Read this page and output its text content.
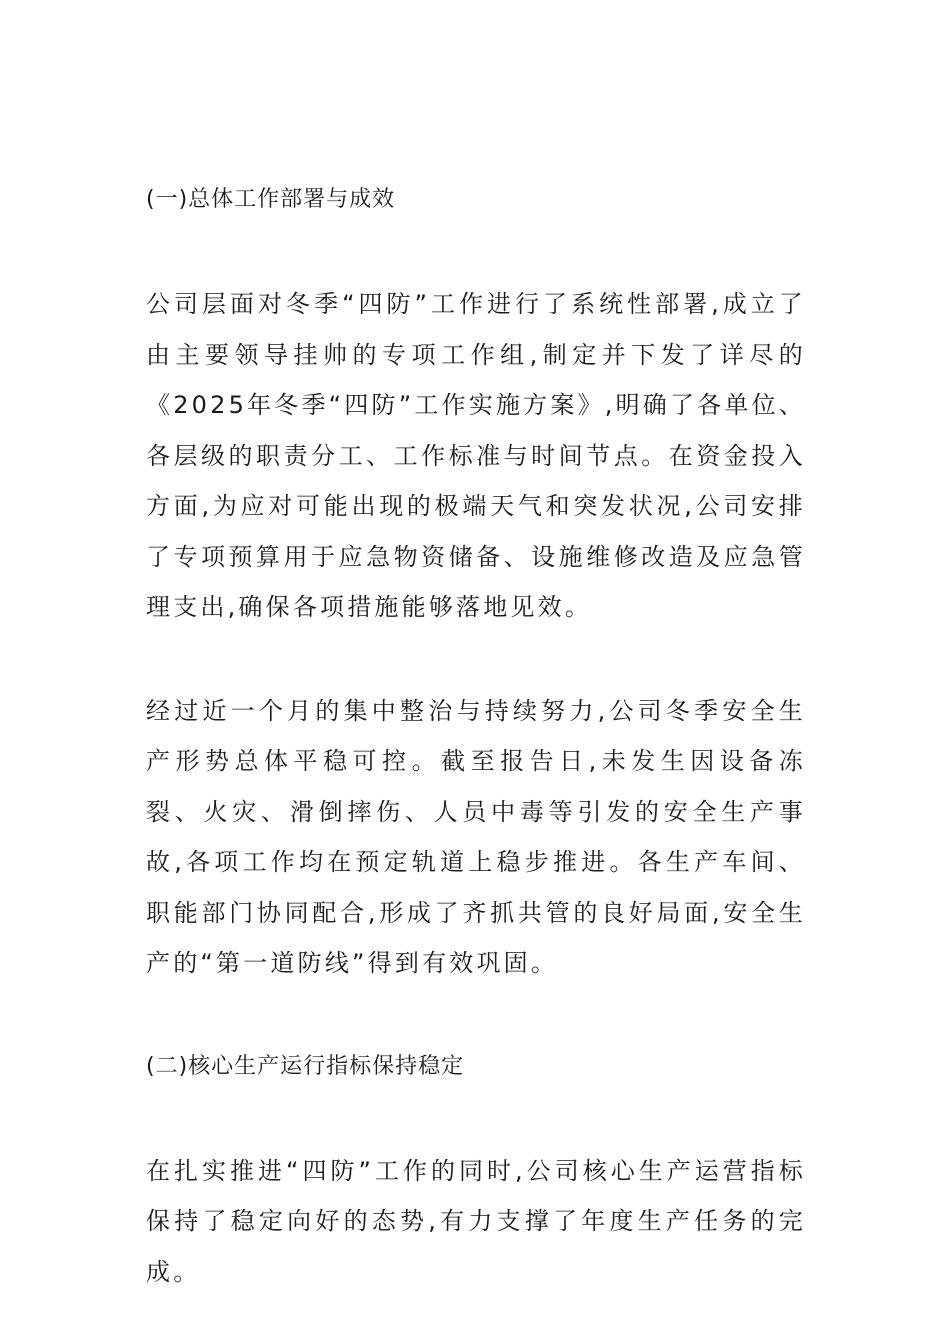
(一)总体工作部署与成效

公司层面对冬季“四防”工作进行了系统性部署,成立了由主要领导挂帅的专项工作组,制定并下发了详尽的《2025年冬季“四防”工作实施方案》,明确了各单位、各层级的职责分工、工作标准与时间节点。在资金投入方面,为应对可能出现的极端天气和突发状况,公司安排了专项预算用于应急物资储备、设施维修改造及应急管理支出,确保各项措施能够落地见效。

经过近一个月的集中整治与持续努力,公司冬季安全生产形势总体平稳可控。截至报告日,未发生因设备冻裂、火灾、滑倒摔伤、人员中毒等引发的安全生产事故,各项工作均在预定轨道上稳步推进。各生产车间、职能部门协同配合,形成了齐抓共管的良好局面,安全生产的“第一道防线”得到有效巩固。

(二)核心生产运行指标保持稳定

在扎实推进“四防”工作的同时,公司核心生产运营指标保持了稳定向好的态势,有力支撑了年度生产任务的完成。
